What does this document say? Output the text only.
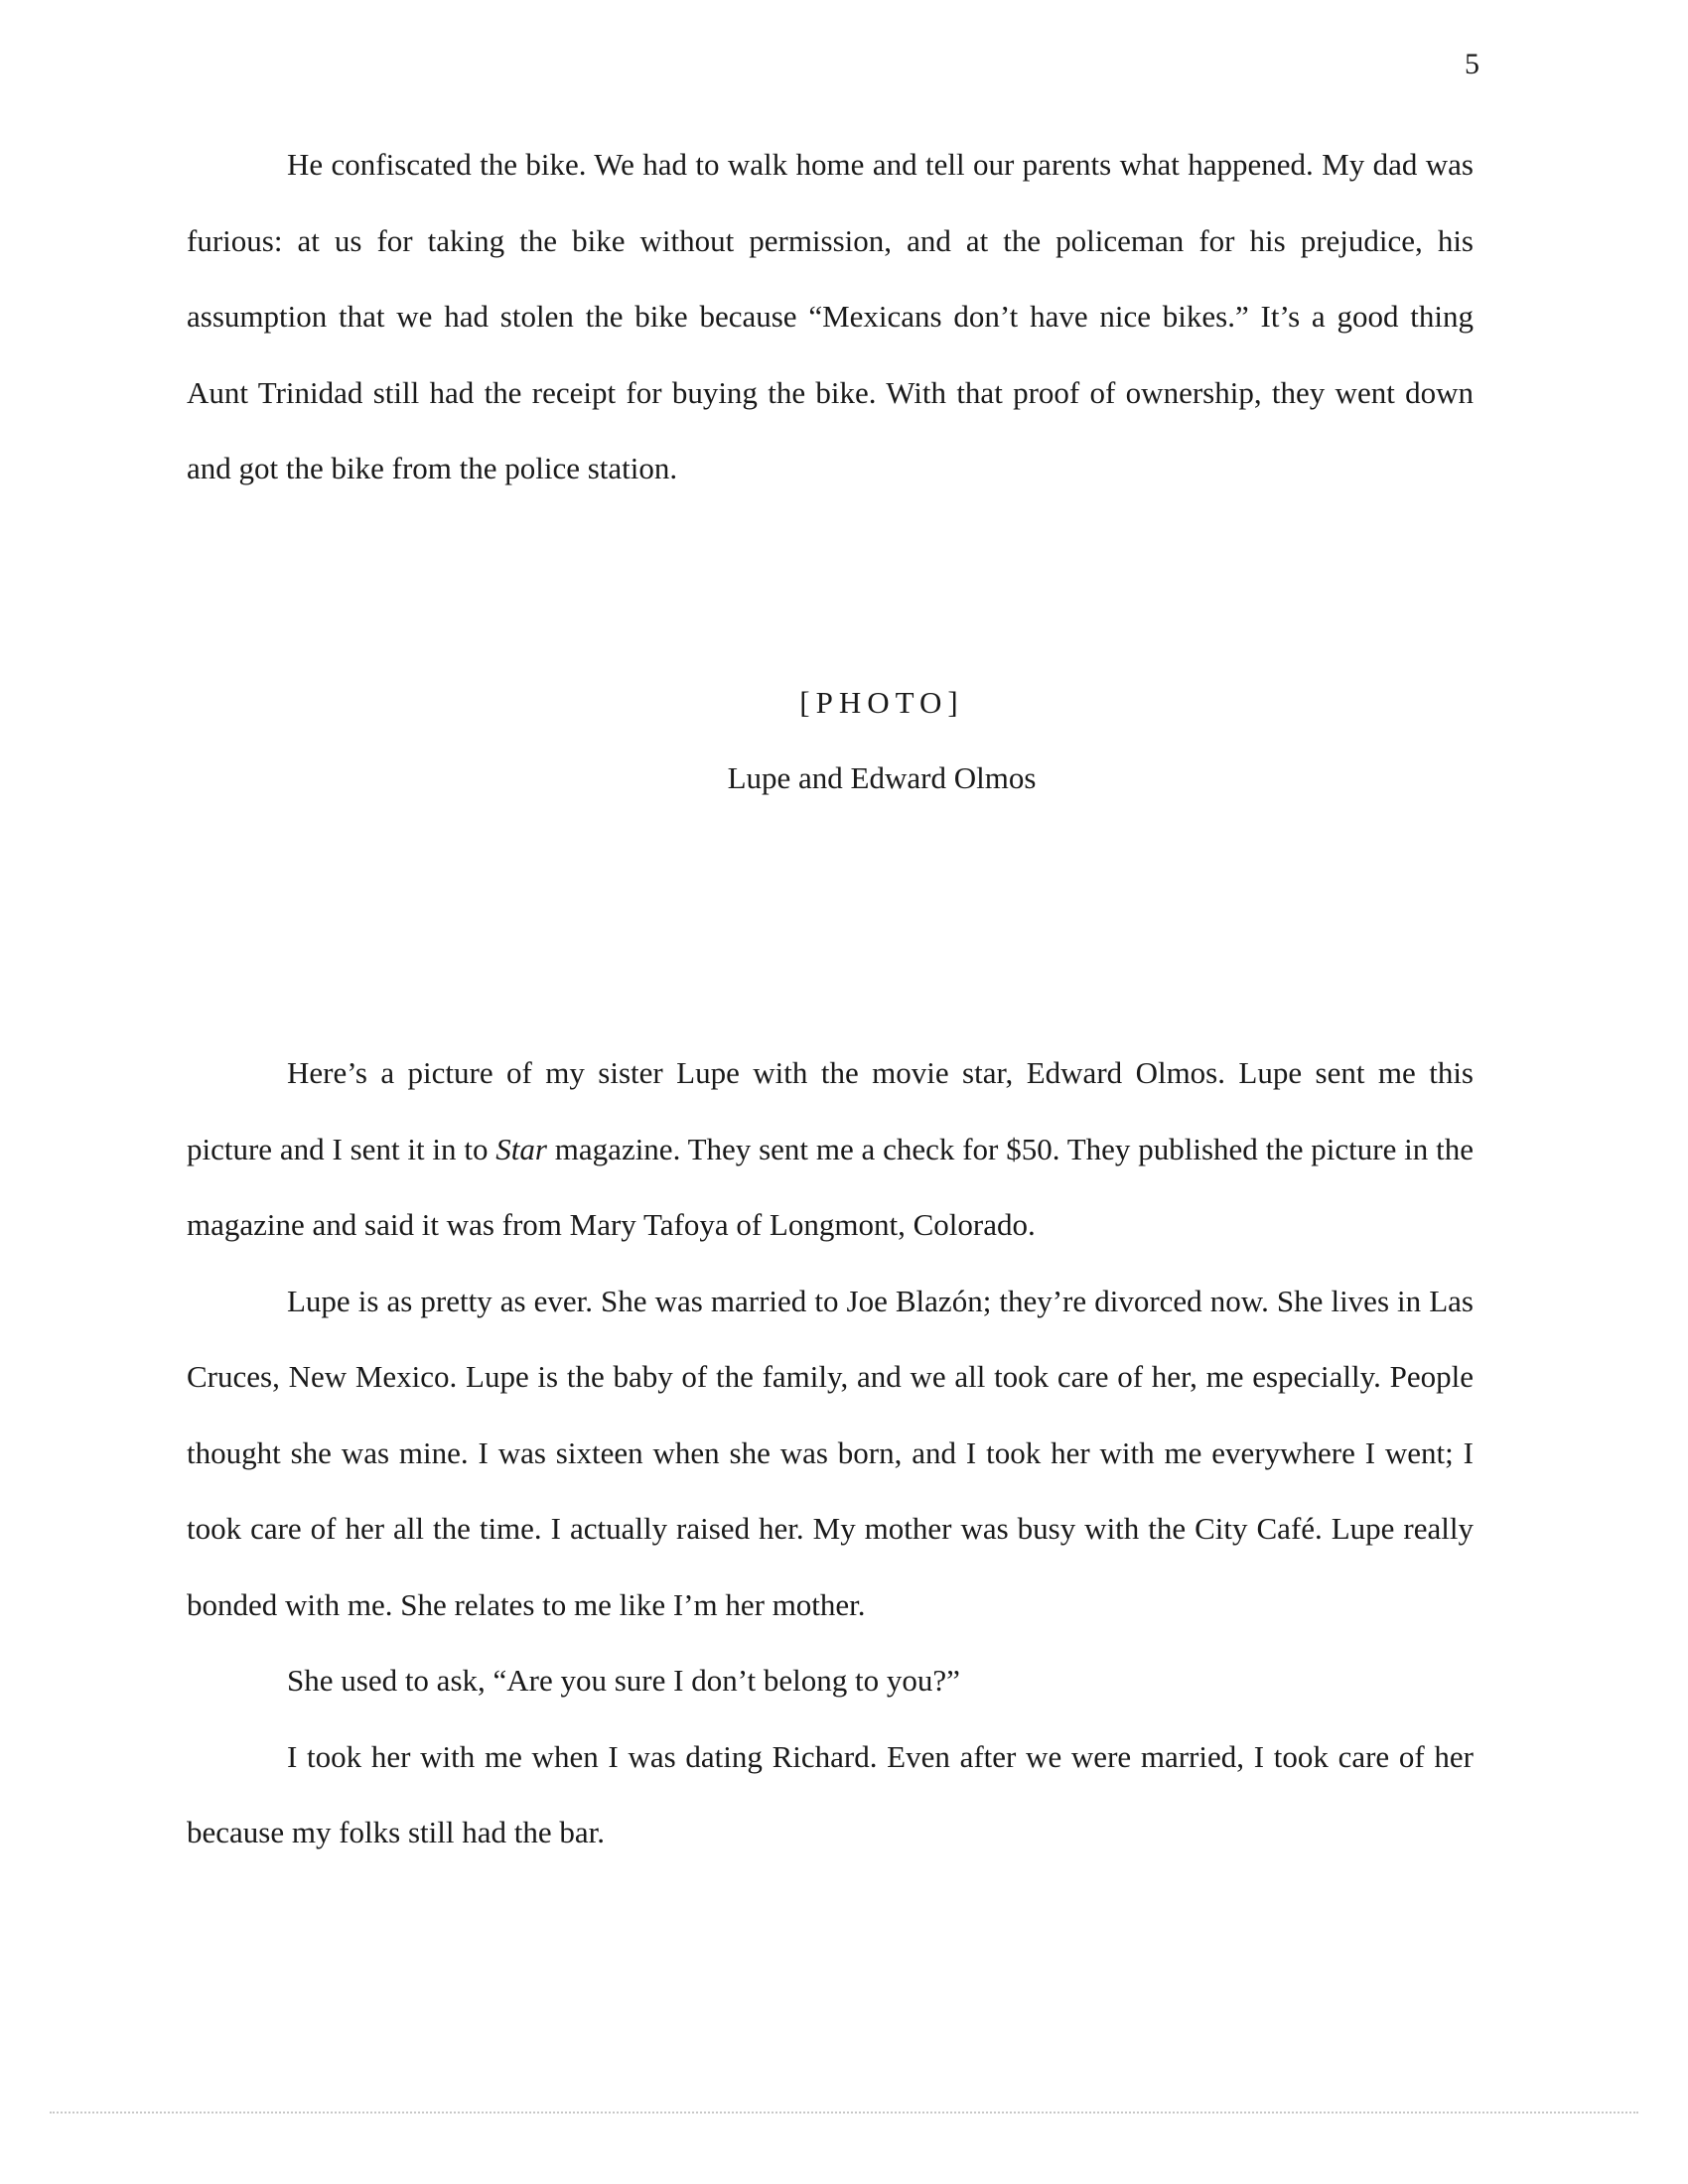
5

He confiscated the bike. We had to walk home and tell our parents what happened. My dad was furious: at us for taking the bike without permission, and at the policeman for his prejudice, his assumption that we had stolen the bike because “Mexicans don’t have nice bikes.” It’s a good thing Aunt Trinidad still had the receipt for buying the bike. With that proof of ownership, they went down and got the bike from the police station.

[PHOTO]
Lupe and Edward Olmos

Here’s a picture of my sister Lupe with the movie star, Edward Olmos. Lupe sent me this picture and I sent it in to Star magazine. They sent me a check for $50. They published the picture in the magazine and said it was from Mary Tafoya of Longmont, Colorado.

Lupe is as pretty as ever. She was married to Joe Blazón; they’re divorced now. She lives in Las Cruces, New Mexico. Lupe is the baby of the family, and we all took care of her, me especially. People thought she was mine. I was sixteen when she was born, and I took her with me everywhere I went; I took care of her all the time. I actually raised her. My mother was busy with the City Café. Lupe really bonded with me. She relates to me like I’m her mother.

She used to ask, “Are you sure I don’t belong to you?”

I took her with me when I was dating Richard. Even after we were married, I took care of her because my folks still had the bar.
